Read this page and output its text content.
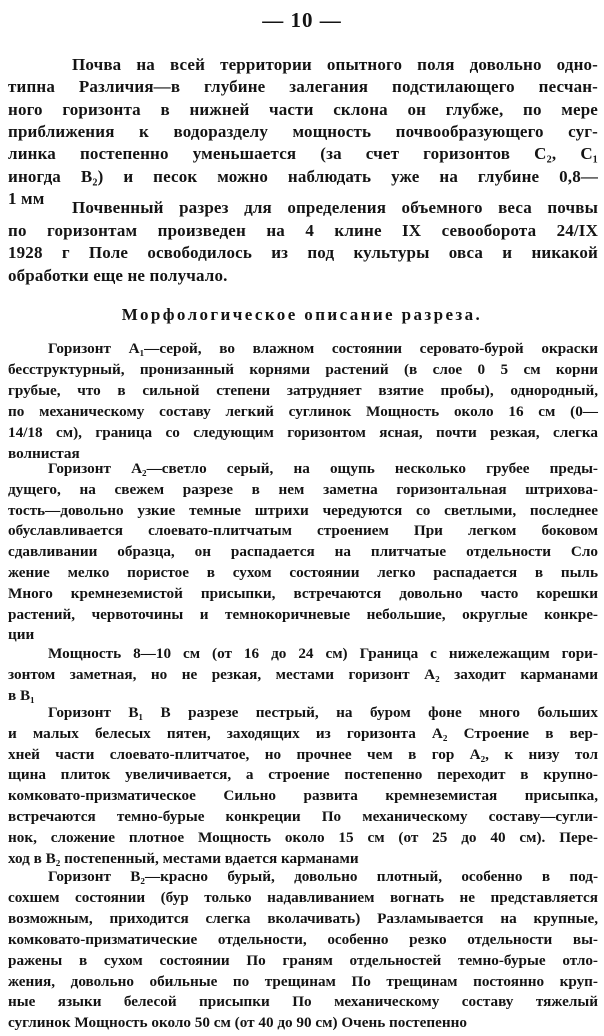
— 10 —
Морфологическое описание разреза.
Почва на всей территории опытного поля довольно одно-
типна Различия—в глубине залегания подстилающего песчан-
ного горизонта в нижней части склона он глубже, по мере
приближения к водоразделу мощность почвообразующего суг-
линка постепенно уменьшается (за счет горизонтов C₂, C₁
иногда B₂) и песок можно наблюдать уже на глубине 0,8—
1 мм	Почвенный разрез для определения объемного веса почвы
по горизонтам произведен на 4 клине IX севооборота 24/IX
1928 г Поле освободилось из под культуры овса и никакой
обработки еще не получало.
Горизонт A₁—серой, во влажном состоянии серовато-бурой окраски
бесструктурный, пронизанный корнями растений (в слое 0 5 см корни
грубые, что в сильной степени затрудняет взятие пробы), однородный,
по механическому составу легкий суглинок Мощность около 16 см (0—
14/18 см), граница со следующим горизонтом ясная, почти резкая, слегка
волнистая
Горизонт A₂—светло серый, на ощупь несколько грубее преды-
дущего, на свежем разрезе в нем заметна горизонтальная штрихова-
тость—довольно узкие темные штрихи чередуются со светлыми, последнее
обуславливается слоевато-плитчатым строением При легком боковом
сдавливании образца, он распадается на плитчатые отдельности Сло
жение мелко пористое в сухом состоянии легко распадается в пыль
Много кремнеземистой присыпки, встречаются довольно часто корешки
растений, червоточины и темнокоричневые небольшие, округлые конкре-
ции
Мощность 8—10 см (от 16 до 24 см) Граница с нижележащим гори-
зонтом заметная, но не резкая, местами горизонт A₂ заходит карманами
в B₁
Горизонт B₁ В разрезе пестрый, на буром фоне много больших
и малых белесых пятен, заходящих из горизонта A₂ Строение в вер-
хней части слоевато-плитчатое, но прочнее чем в гор A₂, к низу тол
щина плиток увеличивается, а строение постепенно переходит в крупно-
комковато-призматическое Сильно развита кремнеземистая присыпка,
встречаются темно-бурые конкреции По механическому составу—сугли-
нок, сложение плотное Мощность около 15 см (от 25 до 40 см). Пере-
ход в B₂ постепенный, местами вдается карманами
Горизонт B₂—красно бурый, довольно плотный, особенно в под-
сохшем состоянии (бур только надавливанием вогнать не представляется
возможным, приходится слегка вколачивать) Разламывается на крупные,
комковато-призматические отдельности, особенно резко отдельности вы-
ражены в сухом состоянии По граням отдельностей темно-бурые отло-
жения, довольно обильные по трещинам По трещинам постоянно круп-
ные языки белесой присыпки По механическому составу тяжелый
суглинок Мощность около 50 см (от 40 до 90 см) Очень постепенно
